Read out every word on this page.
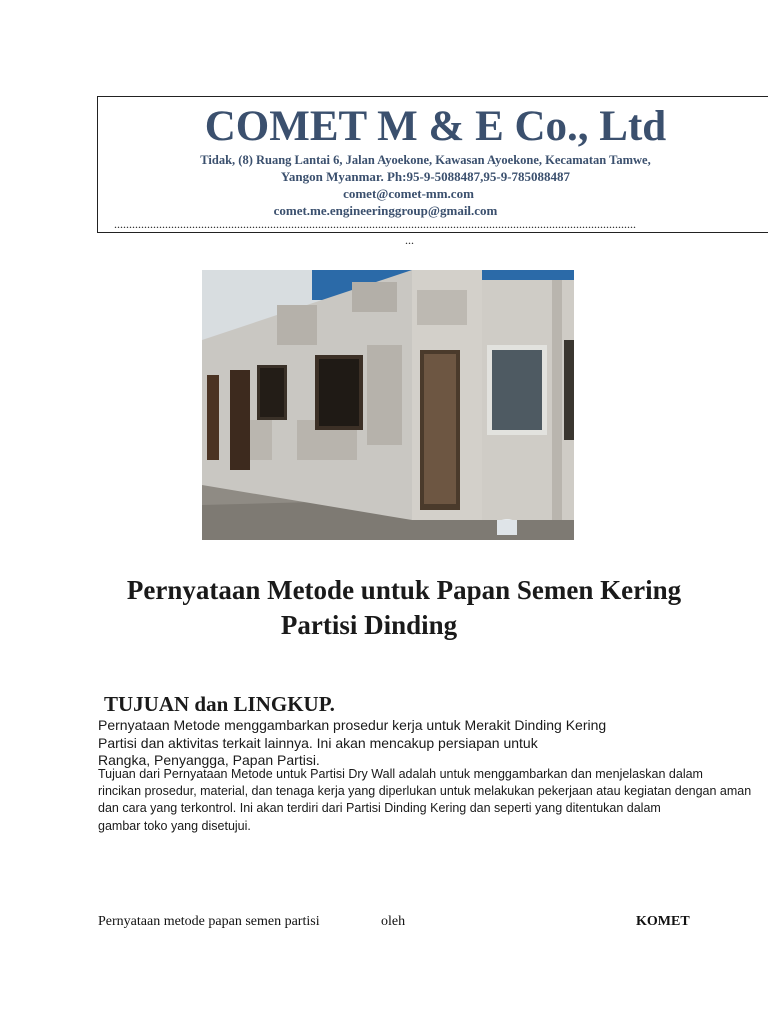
COMET M & E Co., Ltd
Tidak, (8) Ruang Lantai 6, Jalan Ayoekone, Kawasan Ayoekone, Kecamatan Tamwe,
Yangon Myanmar. Ph:95-9-5088487,95-9-785088487
comet@comet-mm.com
comet.me.engineeringgroup@gmail.com
..............................................................................................................................................................................
...
Pernyataan Metode untuk Papan Semen Kering
Partisi Dinding
TUJUAN dan LINGKUP.
Pernyataan Metode menggambarkan prosedur kerja untuk Merakit Dinding Kering
Partisi dan aktivitas terkait lainnya. Ini akan mencakup persiapan untuk
Rangka, Penyangga, Papan Partisi.
Tujuan dari Pernyataan Metode untuk Partisi Dry Wall adalah untuk menggambarkan dan menjelaskan dalam
rincikan prosedur, material, dan tenaga kerja yang diperlukan untuk melakukan pekerjaan atau kegiatan dengan aman
dan cara yang terkontrol. Ini akan terdiri dari Partisi Dinding Kering dan seperti yang ditentukan dalam
gambar toko yang disetujui.
Pernyataan metode papan semen partisi	oleh	KOMET
